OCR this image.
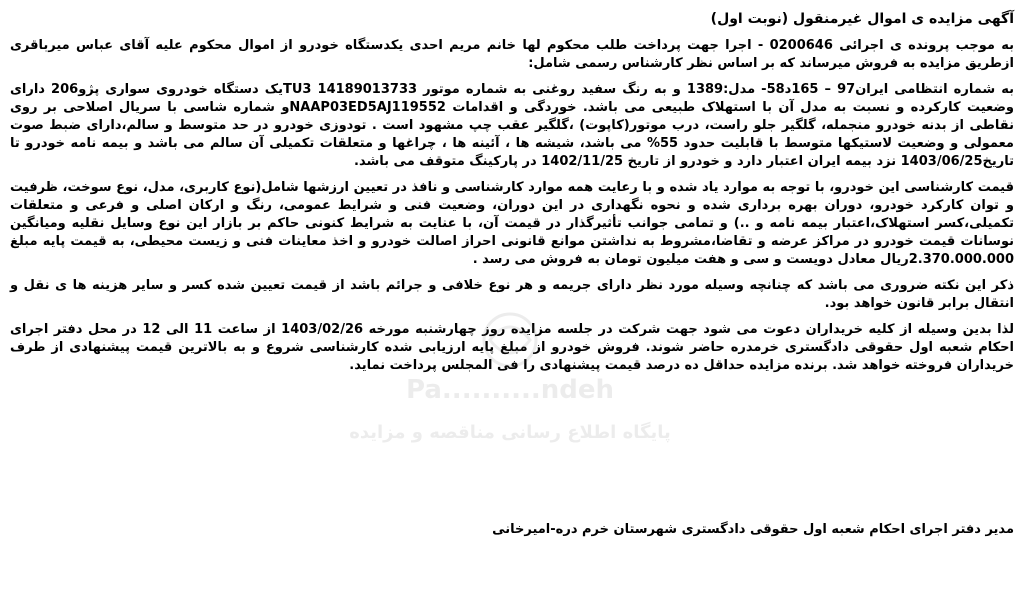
آگهی مزایده ی اموال غیرمنقول (نوبت اول)

به موجب پرونده ی اجرائی 0200646 - اجرا جهت پرداخت طلب محکوم لها خانم مریم احدی یکدستگاه خودرو از اموال محکوم علیه آقای عباس میرباقری ازطریق مزایده به فروش میرساند که بر اساس نظر کارشناس رسمی شامل:

به شماره انتظامی ایران97 – 165د58- مدل:1389 و به رنگ سفید روغنی به شماره موتور 14189013733 TU3یک دستگاه خودروی سواری پژو206 دارای وضعیت کارکرده و نسبت به مدل آن با استهلاک طبیعی می باشد. خوردگی و اقدامات NAAP03ED5AJ119552و شماره شاسی با سریال اصلاحی بر روی نقاطی از بدنه خودرو منجمله، گلگیر جلو راست، درب موتور(کاپوت) ،گلگیر عقب چپ مشهود است . تودوزی خودرو در حد متوسط و سالم،دارای ضبط صوت معمولی و وضعیت لاستیکها متوسط با قابلیت حدود 55% می باشد، شیشه ها ، آئینه ها ، چراغها و متعلقات تکمیلی آن سالم می باشد و بیمه نامه خودرو تا تاریخ1403/06/25 نزد بیمه ایران اعتبار دارد و خودرو از تاریخ 1402/11/25 در پارکینگ متوقف می باشد.

قیمت کارشناسی این خودرو، با توجه به موارد یاد شده و با رعایت همه موارد کارشناسی و نافذ در تعیین ارزشها شامل(نوع کاربری، مدل، نوع سوخت، ظرفیت و توان کارکرد خودرو، دوران بهره برداری شده و نحوه نگهداری در این دوران، وضعیت فنی و شرایط عمومی، رنگ و ارکان اصلی و فرعی و متعلقات تکمیلی،کسر استهلاک،اعتبار بیمه نامه و ..) و تمامی جوانب تأثیرگذار در قیمت آن، با عنایت به شرایط کنونی حاکم بر بازار این نوع وسایل نقلیه ومیانگین نوسانات قیمت خودرو در مراکز عرضه و تقاضا،مشروط به نداشتن موانع قانونی احراز اصالت خودرو و اخذ معاینات فنی و زیست محیطی، به قیمت پایه مبلغ 2.370.000.000ریال معادل دویست و سی و هفت میلیون تومان به فروش می رسد .

ذکر این نکته ضروری می باشد که چنانچه وسیله مورد نظر دارای جریمه و هر نوع خلافی و جرائم باشد از قیمت تعیین شده کسر و سایر هزینه ها ی نقل و انتقال برابر قانون خواهد بود.

لذا بدین وسیله از کلیه خریداران دعوت می شود جهت شرکت در جلسه مزایده روز چهارشنبه مورخه 1403/02/26 از ساعت 11 الی 12 در محل دفتر اجرای احکام شعبه اول حقوقی دادگستری خرمدره حاضر شوند. فروش خودرو از مبلغ پایه ارزیابی شده کارشناسی شروع و به بالاترین قیمت پیشنهادی از طرف خریداران فروخته خواهد شد. برنده مزایده حداقل ده درصد قیمت پیشنهادی را فی المجلس پرداخت نماید.

مدیر دفتر اجرای احکام شعبه اول حقوقی دادگستری شهرستان خرم دره-امیرخانی
Pa..........ndeh
پایگاه اطلاع رسانی مناقصه و مزایده
